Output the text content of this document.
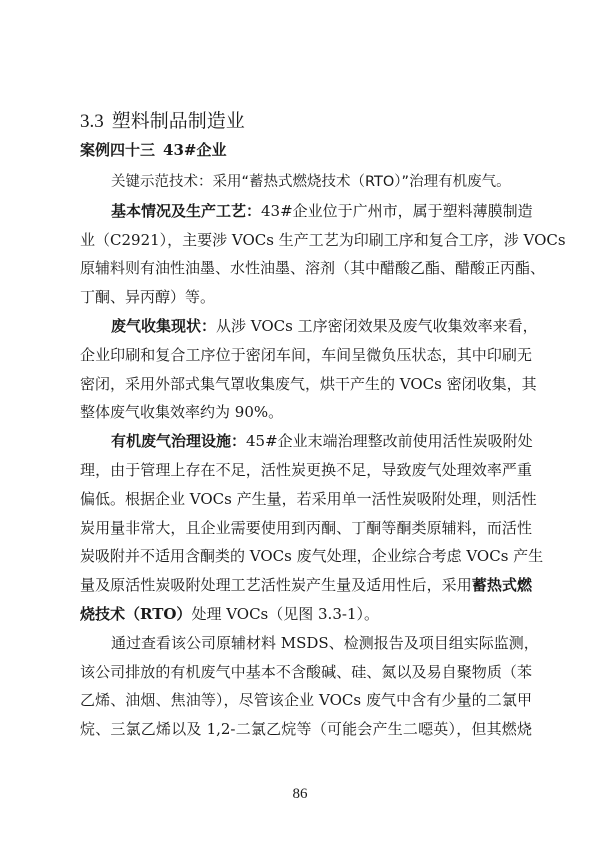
3.3 塑料制品制造业
案例四十三 43#企业
关键示范技术：采用“蓄热式燃烧技术（RTO）”治理有机废气。
基本情况及生产工艺：43#企业位于广州市，属于塑料薄膜制造
业（C2921），主要涉 VOCs 生产工艺为印刷工序和复合工序，涉 VOCs
原辅料则有油性油墨、水性油墨、溶剂（其中醋酸乙酯、醋酸正丙酯、
丁酮、异丙醇）等。
废气收集现状：从涉 VOCs 工序密闭效果及废气收集效率来看，
企业印刷和复合工序位于密闭车间，车间呈微负压状态，其中印刷无
密闭，采用外部式集气罩收集废气，烘干产生的 VOCs 密闭收集，其
整体废气收集效率约为 90%。
有机废气治理设施：45#企业末端治理整改前使用活性炭吸附处
理，由于管理上存在不足，活性炭更换不足，导致废气处理效率严重
偏低。根据企业 VOCs 产生量，若采用单一活性炭吸附处理，则活性
炭用量非常大，且企业需要使用到丙酮、丁酮等酮类原辅料，而活性
炭吸附并不适用含酮类的 VOCs 废气处理，企业综合考虑 VOCs 产生
量及原活性炭吸附处理工艺活性炭产生量及适用性后，采用蓄热式燃
烧技术（RTO）处理 VOCs（见图 3.3-1）。
通过查看该公司原辅材料 MSDS、检测报告及项目组实际监测，
该公司排放的有机废气中基本不含酸碱、硅、氮以及易自聚物质（苯
乙烯、油烟、焦油等），尽管该企业 VOCs 废气中含有少量的二氯甲
烷、三氯乙烯以及 1,2-二氯乙烷等（可能会产生二噁英），但其燃烧
86
